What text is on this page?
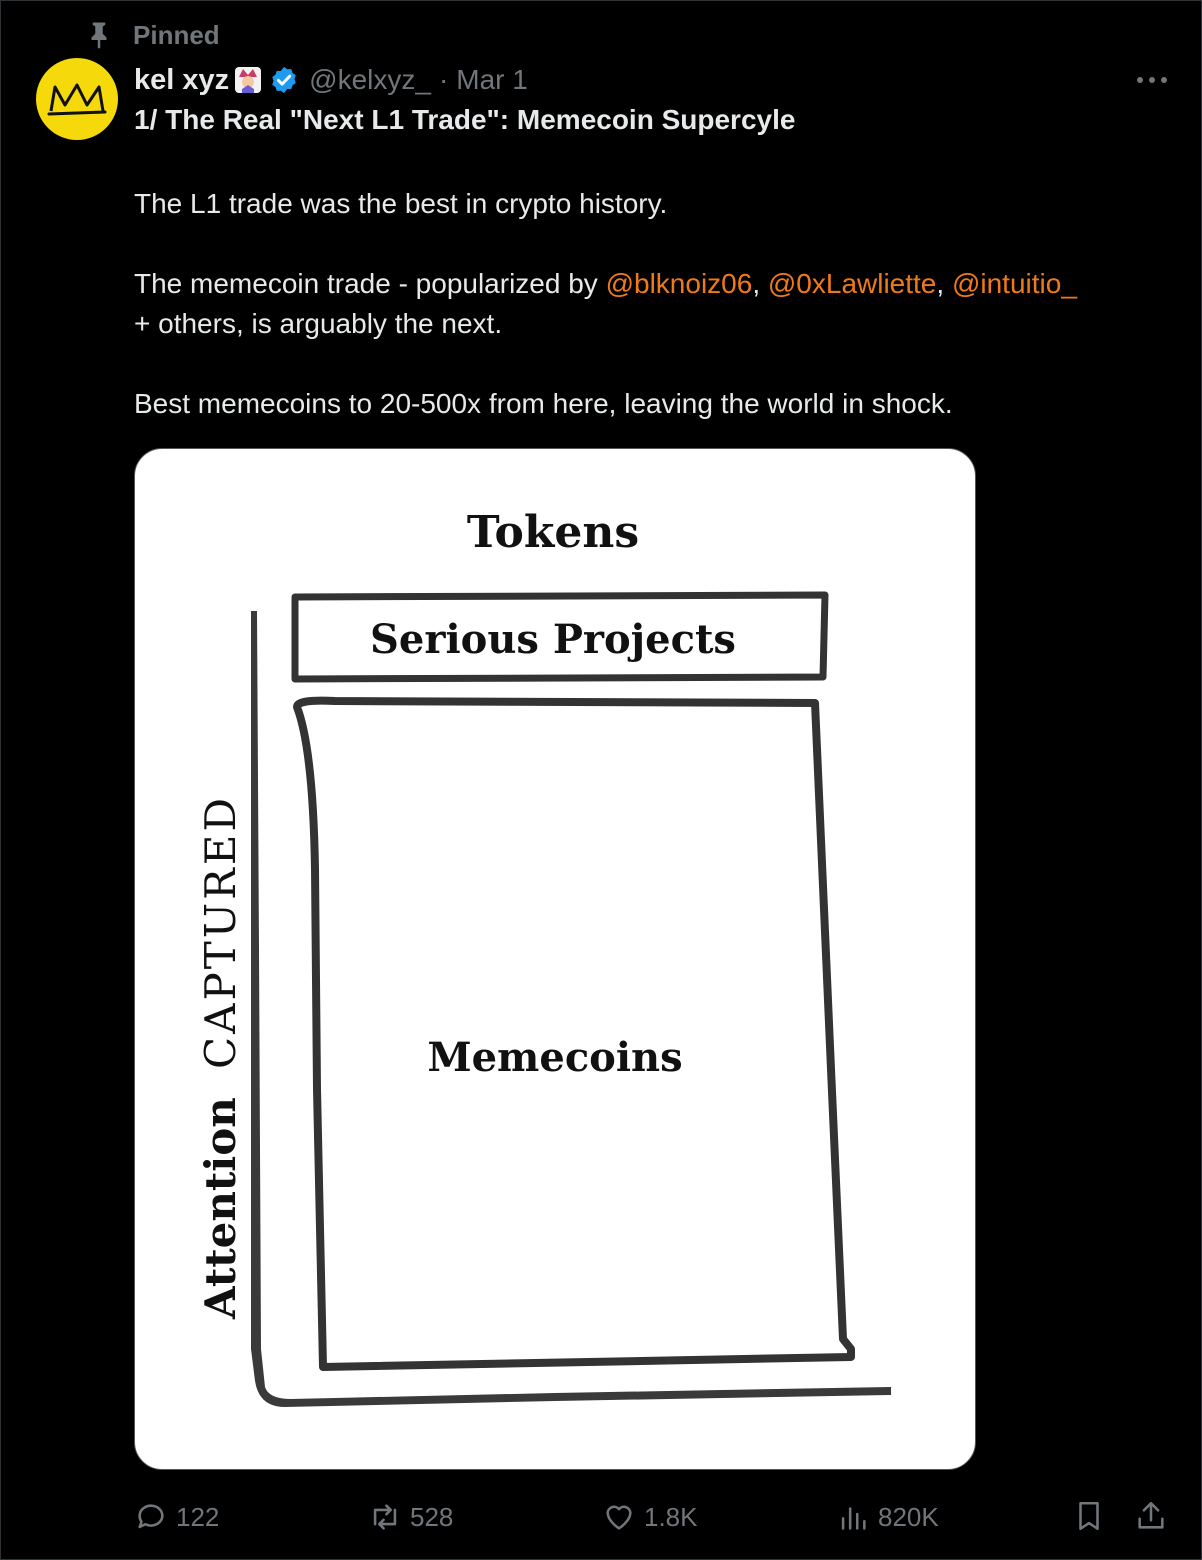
Pinned
kel xyz	@kelxyz_ · Mar 1
1/ The Real "Next L1 Trade": Memecoin Supercyle
The L1 trade was the best in crypto history.
The memecoin trade - popularized by @blknoiz06, @0xLawliette, @intuitio_
+ others, is arguably the next.
Best memecoins to 20-500x from here, leaving the world in shock.
Tokens
Serious Projects
Memecoins
Attention
CAPTURED
122	528	1.8K	820K
